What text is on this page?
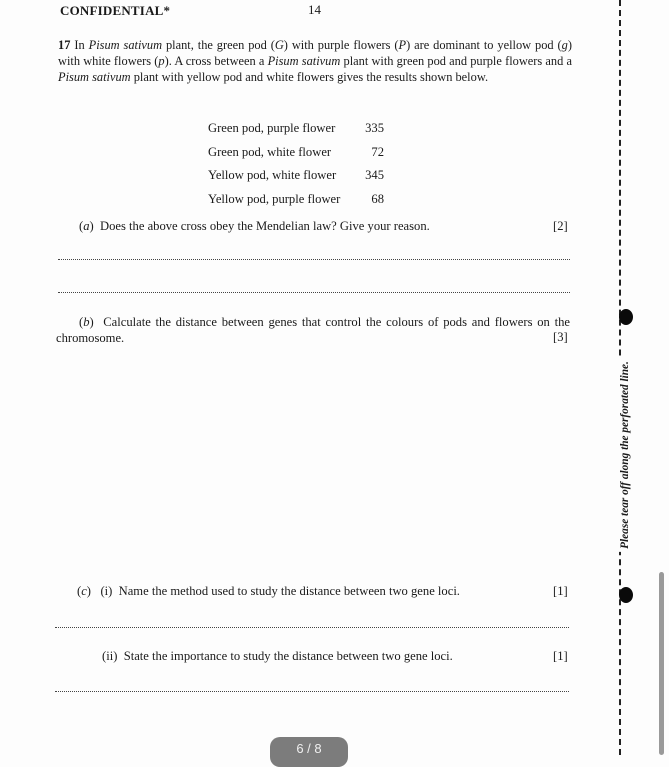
CONFIDENTIAL*	14
17 In Pisum sativum plant, the green pod (G) with purple flowers (P) are dominant to yellow pod (g) with white flowers (p). A cross between a Pisum sativum plant with green pod and purple flowers and a Pisum sativum plant with yellow pod and white flowers gives the results shown below.
Green pod, purple flower	335
Green pod, white flower	72
Yellow pod, white flower	345
Yellow pod, purple flower	68
(a)  Does the above cross obey the Mendelian law? Give your reason.	[2]
(b)  Calculate the distance between genes that control the colours of pods and flowers on the chromosome.	[3]
(c)   (i) Name the method used to study the distance between two gene loci.	[1]
(ii) State the importance to study the distance between two gene loci.	[1]
Please tear off along the perforated line.
6 / 8
